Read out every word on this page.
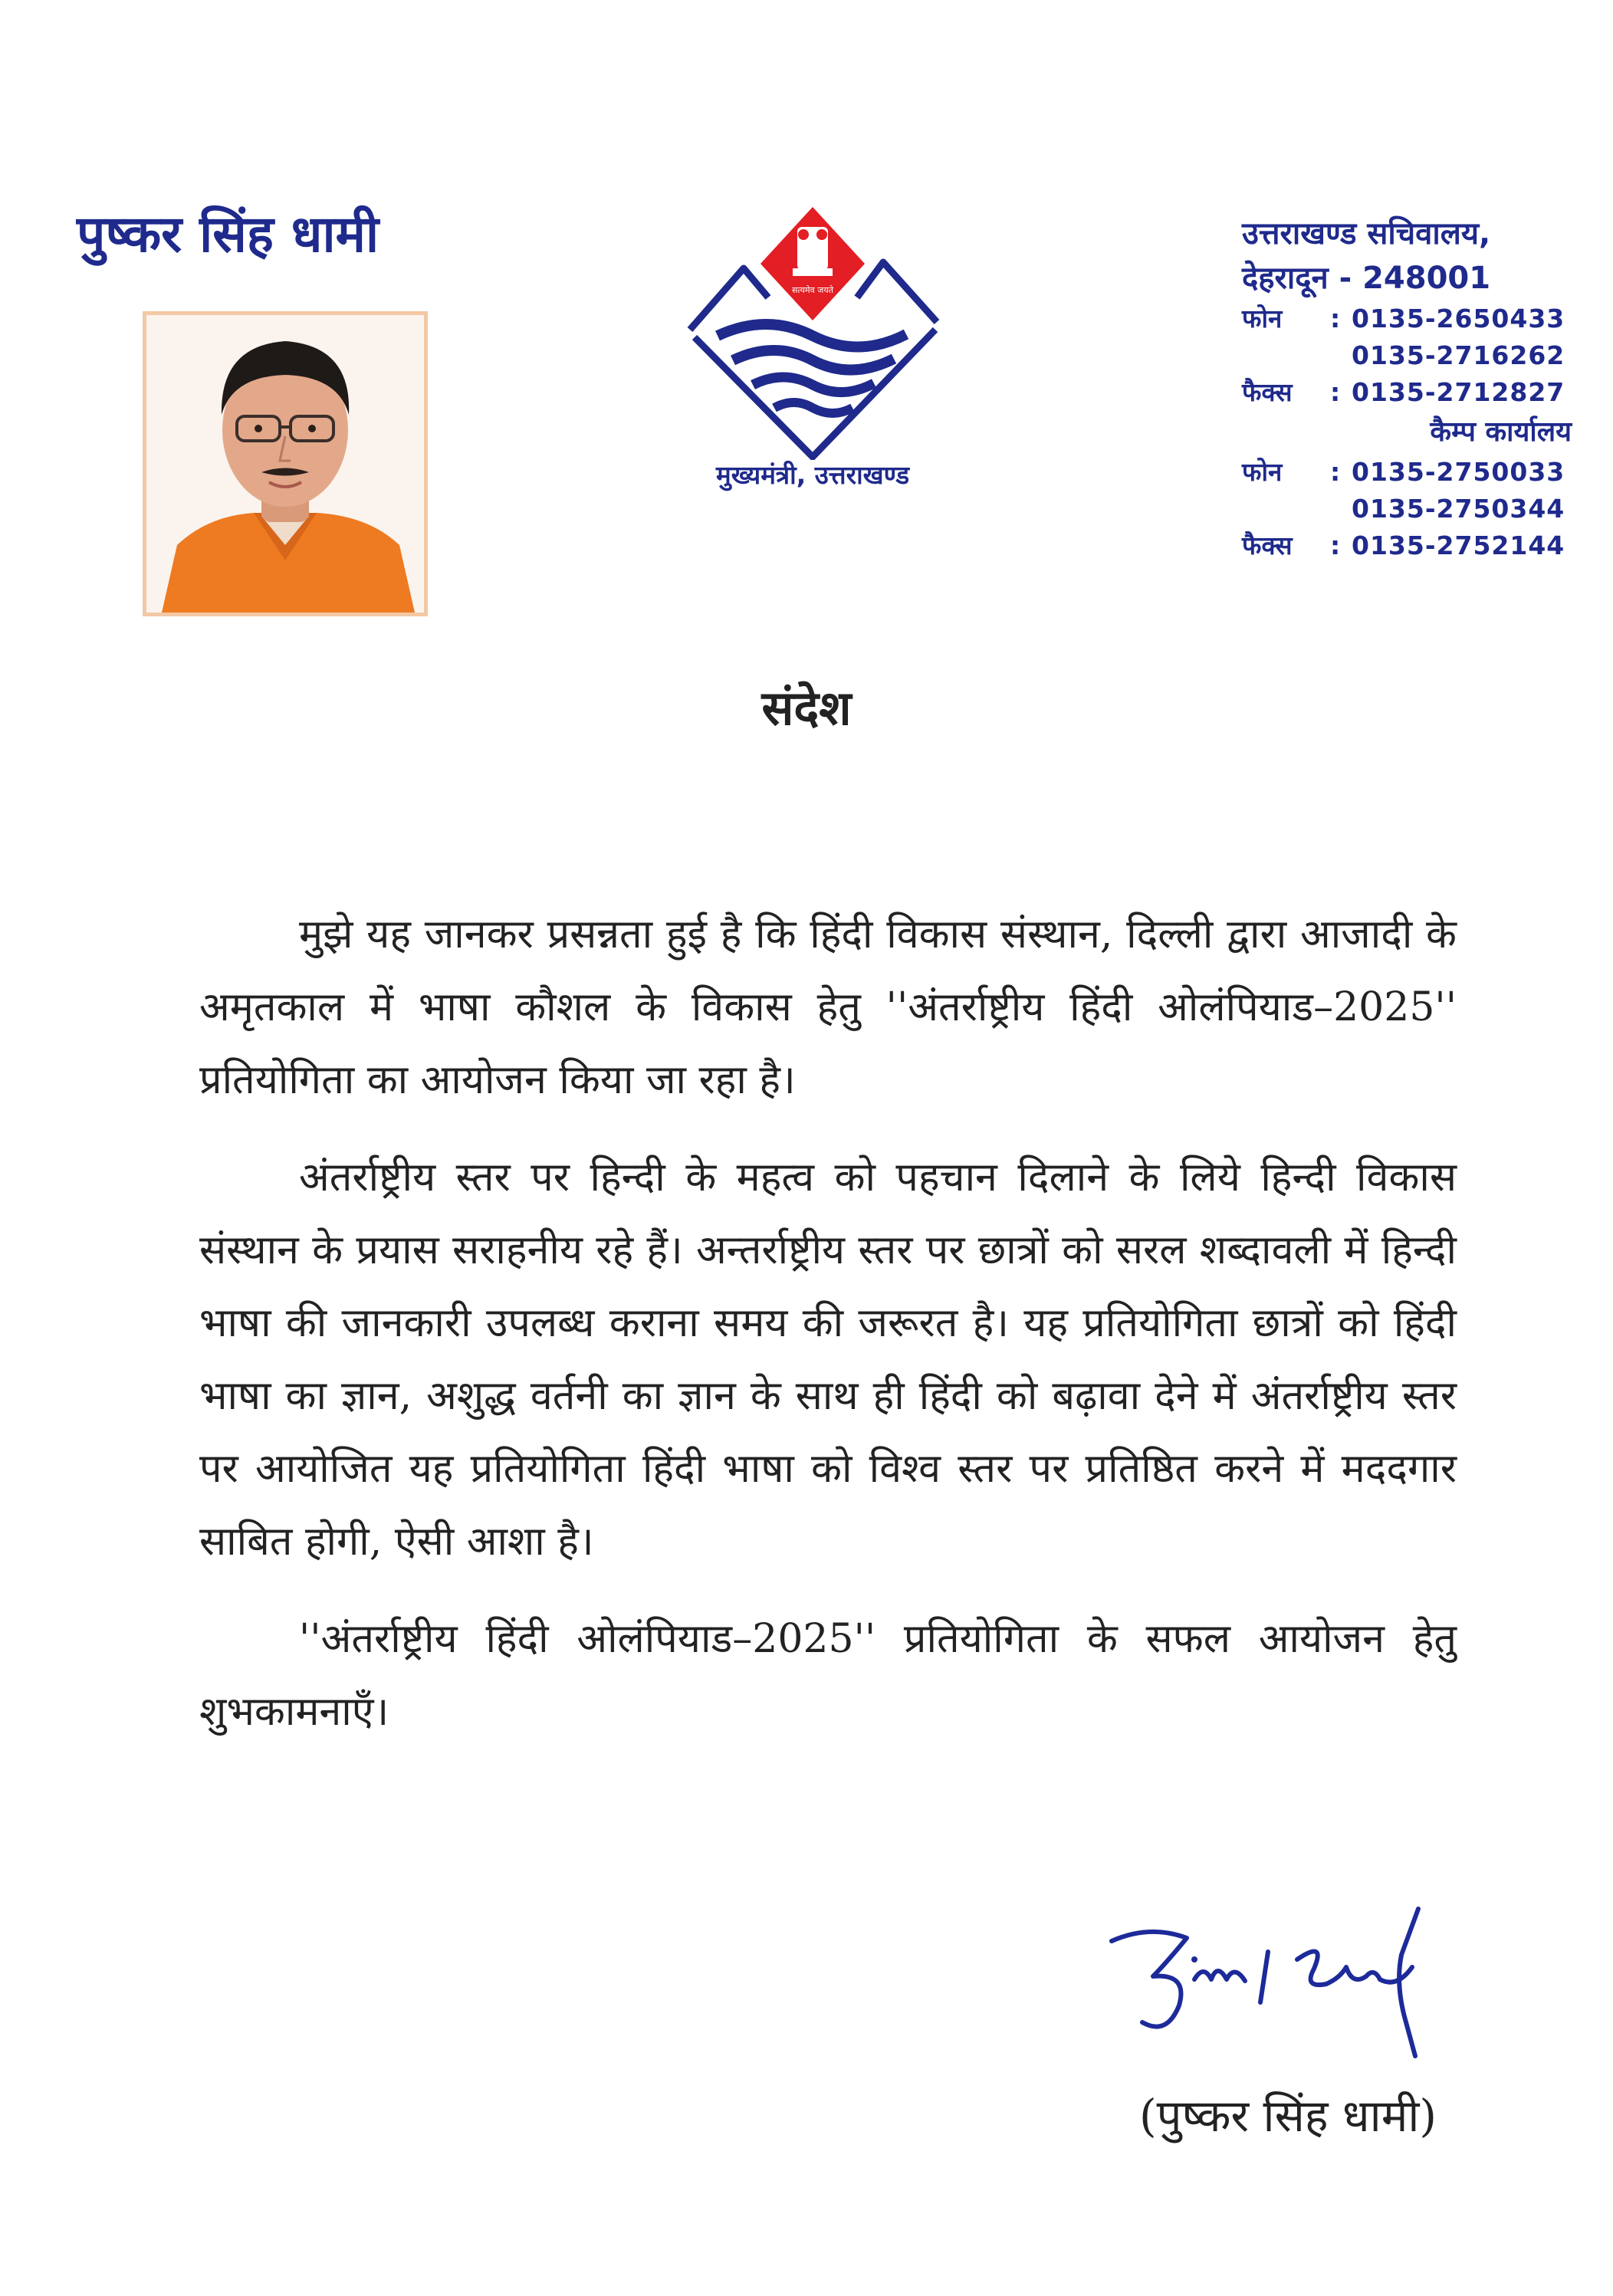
पुष्कर सिंह धामी
सत्यमेव जयते
मुख्यमंत्री, उत्तराखण्ड
उत्तराखण्ड सचिवालय,
देहरादून - 248001
फोन	: 0135-2650433
0135-2716262
फैक्स	: 0135-2712827
कैम्प कार्यालय
फोन	: 0135-2750033
0135-2750344
फैक्स	: 0135-2752144
संदेश

मुझे यह जानकर प्रसन्नता हुई है कि हिंदी विकास संस्थान, दिल्ली द्वारा आजादी के अमृतकाल में भाषा कौशल के विकास हेतु ''अंतर्राष्ट्रीय हिंदी ओलंपियाड–2025'' प्रतियोगिता का आयोजन किया जा रहा है।

अंतर्राष्ट्रीय स्तर पर हिन्दी के महत्व को पहचान दिलाने के लिये हिन्दी विकास संस्थान के प्रयास सराहनीय रहे हैं। अन्तर्राष्ट्रीय स्तर पर छात्रों को सरल शब्दावली में हिन्दी भाषा की जानकारी उपलब्ध कराना समय की जरूरत है। यह प्रतियोगिता छात्रों को हिंदी भाषा का ज्ञान, अशुद्ध वर्तनी का ज्ञान के साथ ही हिंदी को बढ़ावा देने में अंतर्राष्ट्रीय स्तर पर आयोजित यह प्रतियोगिता हिंदी भाषा को विश्व स्तर पर प्रतिष्ठित करने में मददगार साबित होगी, ऐसी आशा है।

''अंतर्राष्ट्रीय हिंदी ओलंपियाड–2025'' प्रतियोगिता के सफल आयोजन हेतु शुभकामनाएँ।

(पुष्कर सिंह धामी)
